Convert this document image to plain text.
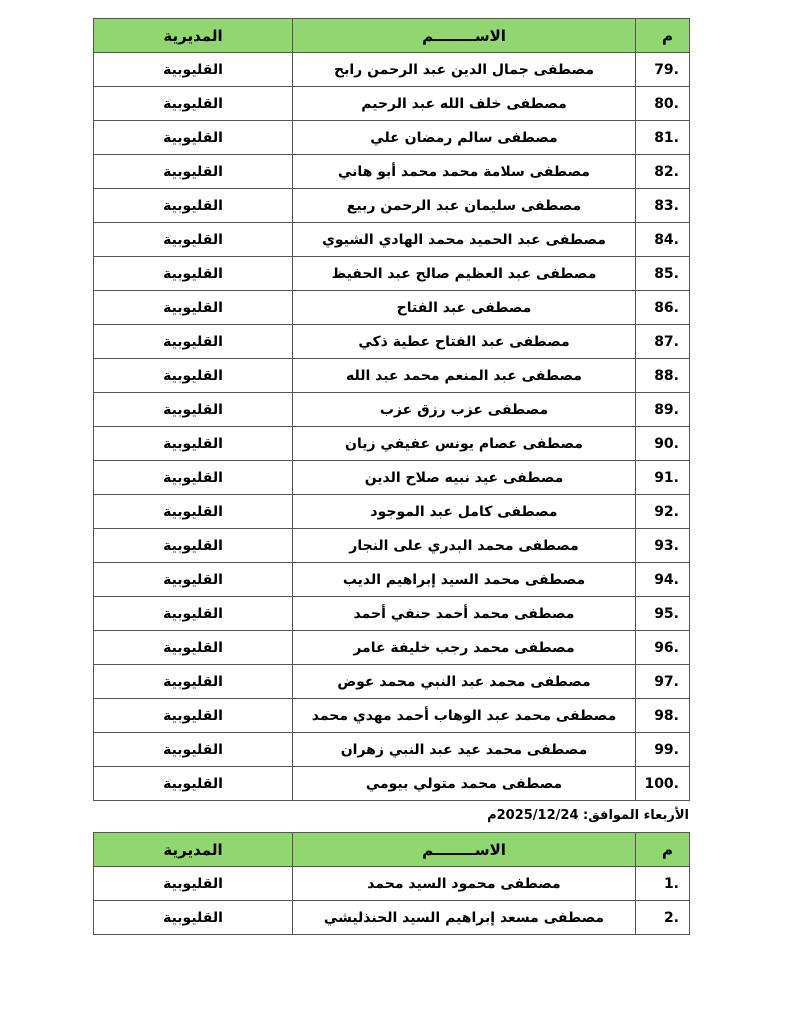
م	الاســــــــم	المديرية
79.	مصطفى جمال الدين عبد الرحمن رابح	القليوبية
80.	مصطفى خلف الله عبد الرحيم	القليوبية
81.	مصطفى سالم رمضان علي	القليوبية
82.	مصطفى سلامة محمد محمد أبو هاني	القليوبية
83.	مصطفى سليمان عبد الرحمن ربيع	القليوبية
84.	مصطفى عبد الحميد محمد الهادي الشيوي	القليوبية
85.	مصطفى عبد العظيم صالح عبد الحفيظ	القليوبية
86.	مصطفى عبد الفتاح	القليوبية
87.	مصطفى عبد الفتاح عطية ذكي	القليوبية
88.	مصطفى عبد المنعم محمد عبد الله	القليوبية
89.	مصطفى عزب رزق عزب	القليوبية
90.	مصطفى عصام يونس عفيفي زيان	القليوبية
91.	مصطفى عيد نبيه صلاح الدين	القليوبية
92.	مصطفى كامل عبد الموجود	القليوبية
93.	مصطفى محمد البدري على النجار	القليوبية
94.	مصطفى محمد السيد إبراهيم الديب	القليوبية
95.	مصطفى محمد أحمد حنفي أحمد	القليوبية
96.	مصطفى محمد رجب خليفة عامر	القليوبية
97.	مصطفى محمد عبد النبي محمد عوض	القليوبية
98.	مصطفى محمد عبد الوهاب أحمد مهدي محمد	القليوبية
99.	مصطفى محمد عيد عبد النبي زهران	القليوبية
100.	مصطفى محمد متولي بيومي	القليوبية
الأربعاء الموافق: 2025/12/24م
م	الاســــــــم	المديرية
1.	مصطفى محمود السيد محمد	القليوبية
2.	مصطفى مسعد إبراهيم السيد الحنذليشي	القليوبية
